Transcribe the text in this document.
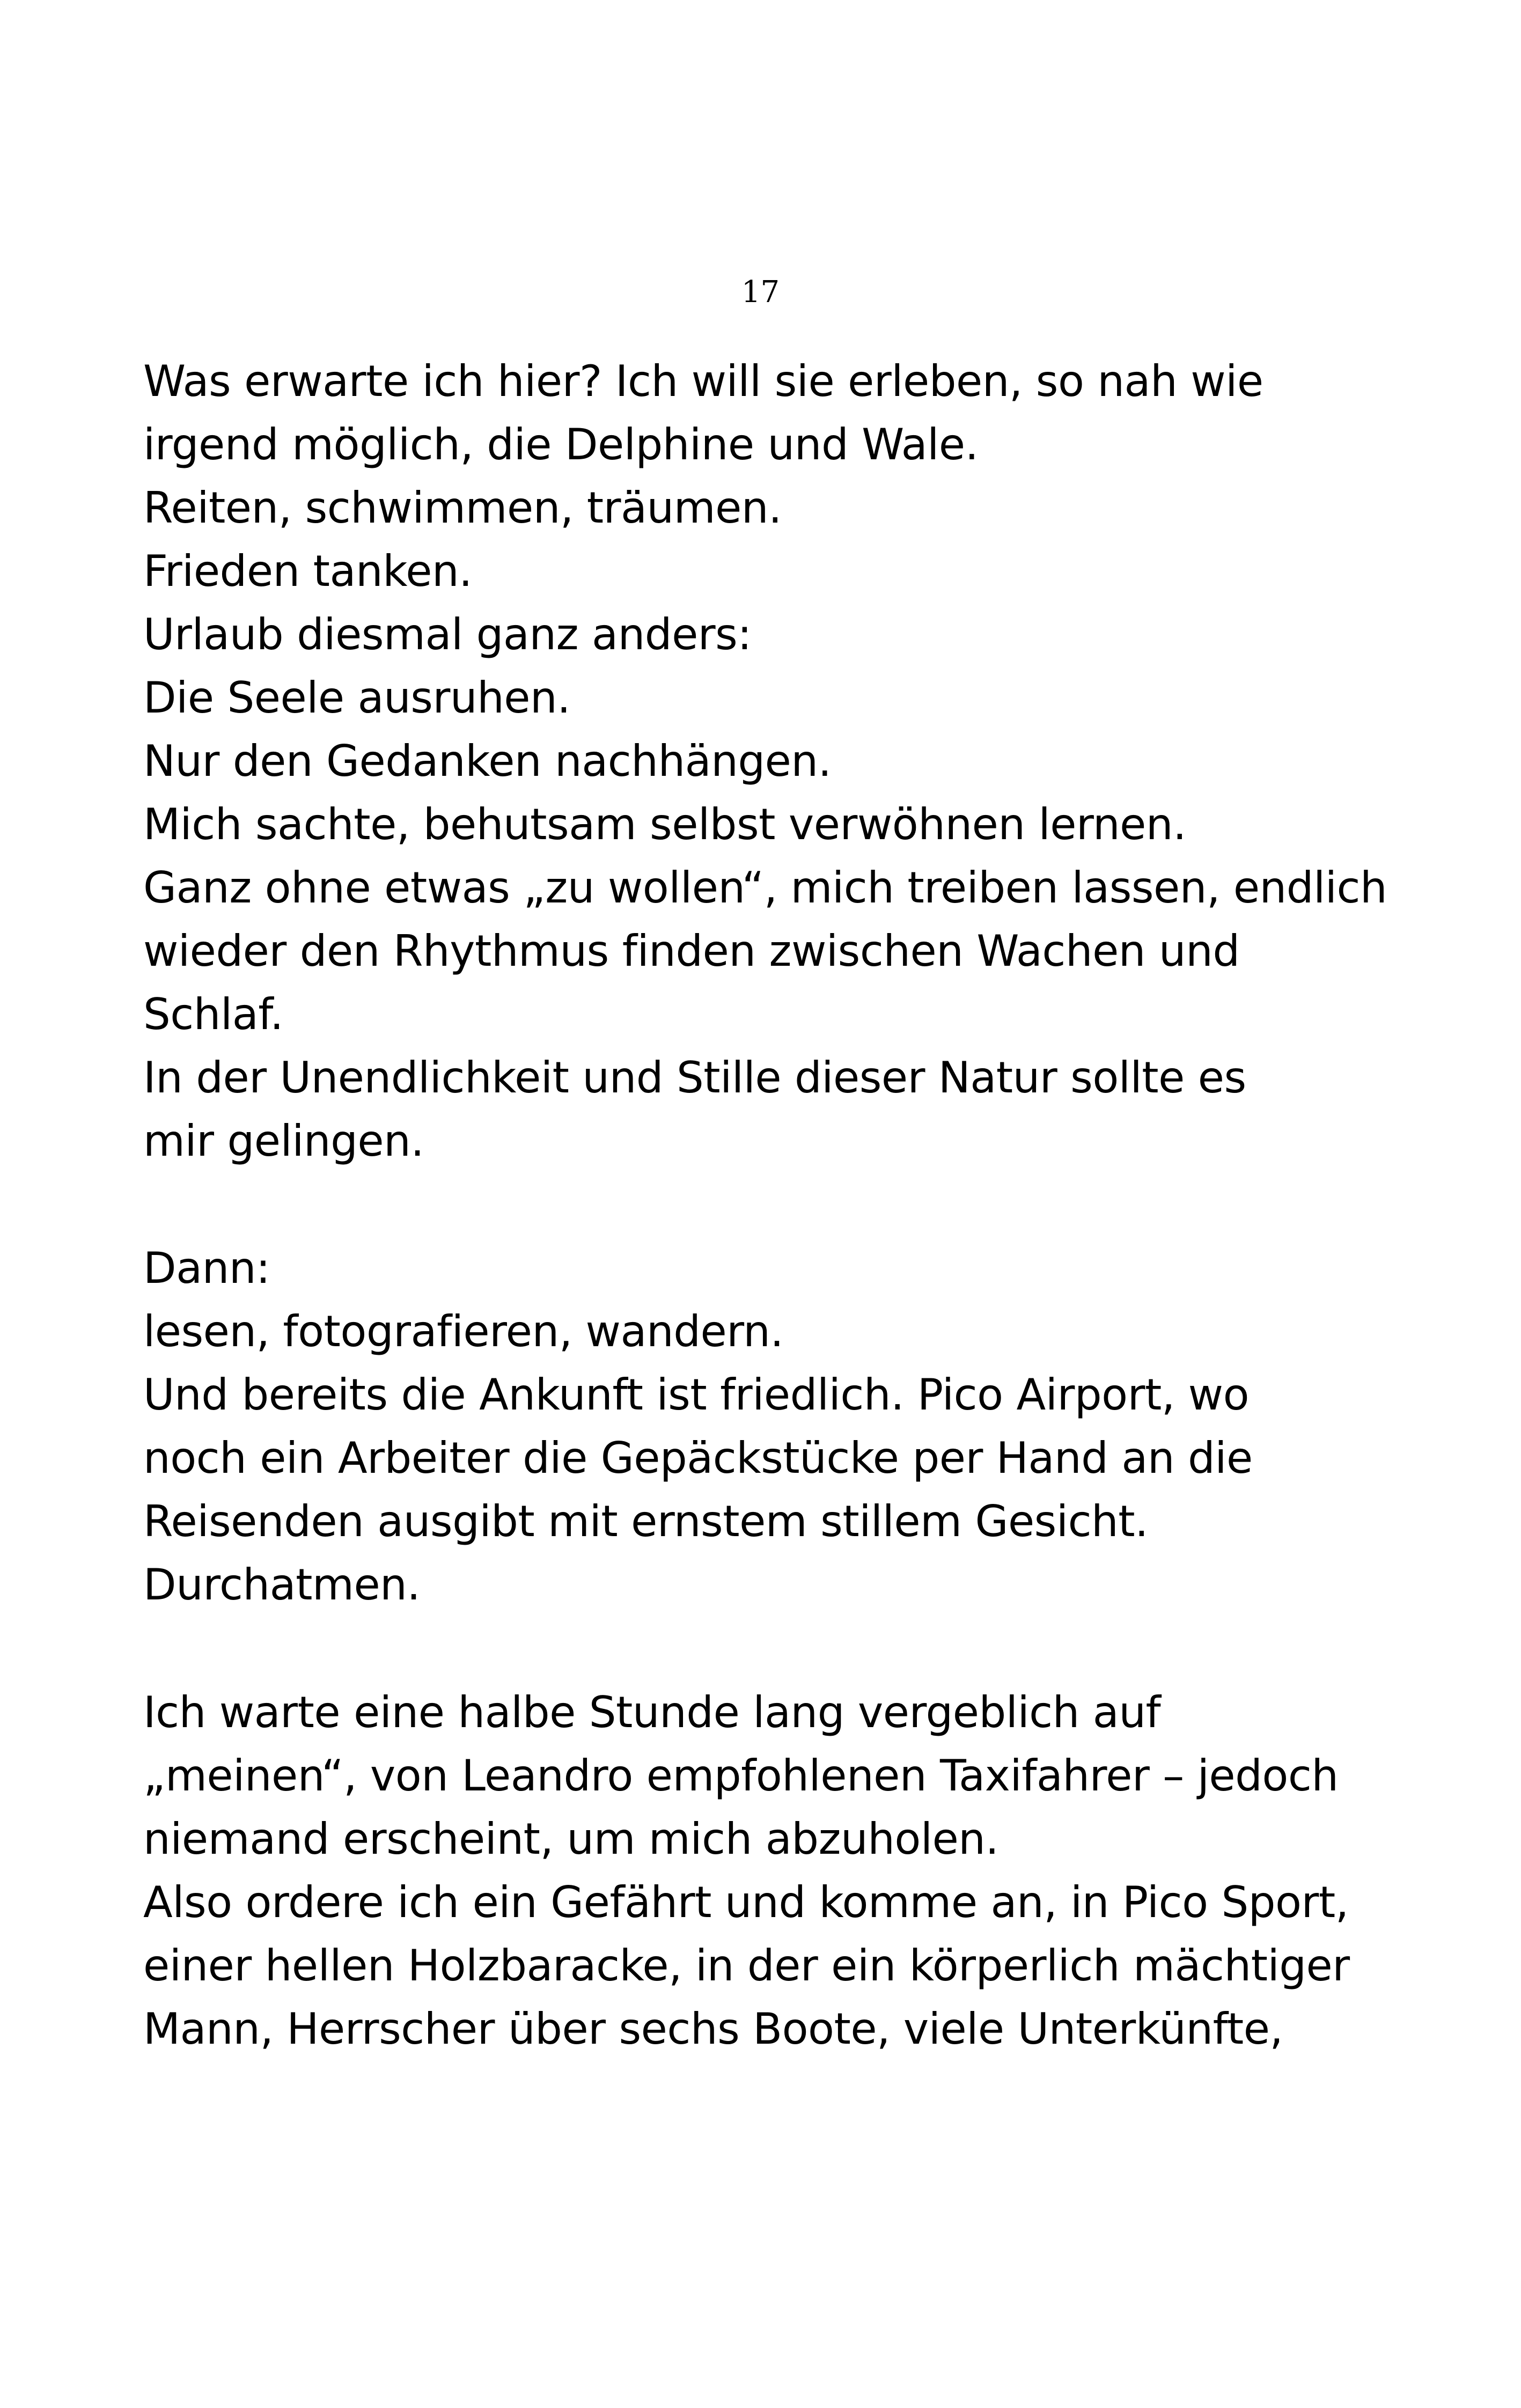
17
Was erwarte ich hier? Ich will sie erleben, so nah wie
irgend möglich, die Delphine und Wale.
Reiten, schwimmen, träumen.
Frieden tanken.
Urlaub diesmal ganz anders:
Die Seele ausruhen.
Nur den Gedanken nachhängen.
Mich sachte, behutsam selbst verwöhnen lernen.
Ganz ohne etwas „zu wollen“, mich treiben lassen, endlich
wieder den Rhythmus finden zwischen Wachen und
Schlaf.
In der Unendlichkeit und Stille dieser Natur sollte es
mir gelingen.
Dann:
lesen, fotografieren, wandern.
Und bereits die Ankunft ist friedlich. Pico Airport, wo
noch ein Arbeiter die Gepäckstücke per Hand an die
Reisenden ausgibt mit ernstem stillem Gesicht.
Durchatmen.
Ich warte eine halbe Stunde lang vergeblich auf
„meinen“, von Leandro empfohlenen Taxifahrer – jedoch
niemand erscheint, um mich abzuholen.
Also ordere ich ein Gefährt und komme an, in Pico Sport,
einer hellen Holzbaracke, in der ein körperlich mächtiger
Mann, Herrscher über sechs Boote, viele Unterkünfte,
